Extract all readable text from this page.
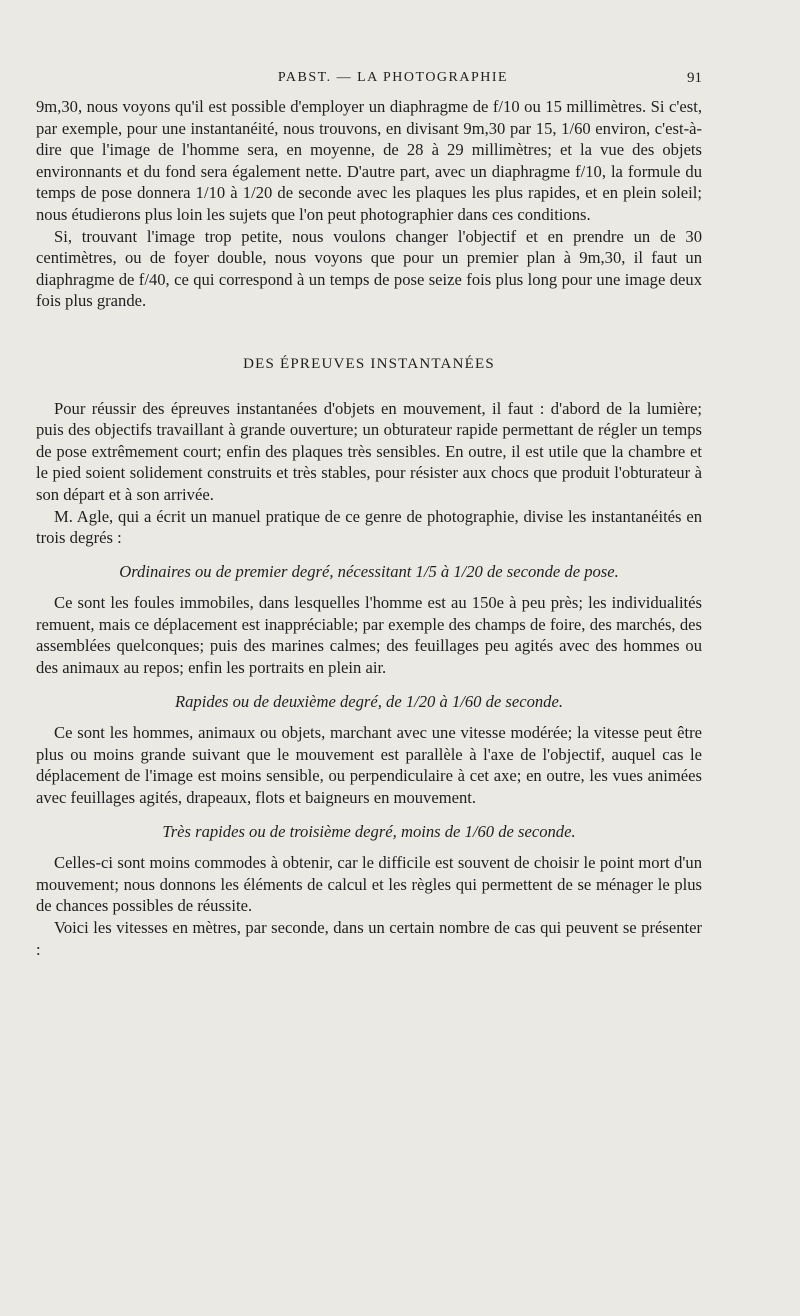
PABST. — LA PHOTOGRAPHIE	91

9m,30, nous voyons qu'il est possible d'employer un diaphragme de f/10 ou 15 millimètres. Si c'est, par exemple, pour une instantanéité, nous trouvons, en divisant 9m,30 par 15, 1/60 environ, c'est-à-dire que l'image de l'homme sera, en moyenne, de 28 à 29 millimètres; et la vue des objets environnants et du fond sera également nette. D'autre part, avec un diaphragme f/10, la formule du temps de pose donnera 1/10 à 1/20 de seconde avec les plaques les plus rapides, et en plein soleil; nous étudierons plus loin les sujets que l'on peut photographier dans ces conditions.

Si, trouvant l'image trop petite, nous voulons changer l'objectif et en prendre un de 30 centimètres, ou de foyer double, nous voyons que pour un premier plan à 9m,30, il faut un diaphragme de f/40, ce qui correspond à un temps de pose seize fois plus long pour une image deux fois plus grande.

DES ÉPREUVES INSTANTANÉES

Pour réussir des épreuves instantanées d'objets en mouvement, il faut : d'abord de la lumière; puis des objectifs travaillant à grande ouverture; un obturateur rapide permettant de régler un temps de pose extrêmement court; enfin des plaques très sensibles. En outre, il est utile que la chambre et le pied soient solidement construits et très stables, pour résister aux chocs que produit l'obturateur à son départ et à son arrivée.

M. Agle, qui a écrit un manuel pratique de ce genre de photographie, divise les instantanéités en trois degrés :

Ordinaires ou de premier degré, nécessitant 1/5 à 1/20 de seconde de pose.

Ce sont les foules immobiles, dans lesquelles l'homme est au 150e à peu près; les individualités remuent, mais ce déplacement est inappréciable; par exemple des champs de foire, des marchés, des assemblées quelconques; puis des marines calmes; des feuillages peu agités avec des hommes ou des animaux au repos; enfin les portraits en plein air.

Rapides ou de deuxième degré, de 1/20 à 1/60 de seconde.

Ce sont les hommes, animaux ou objets, marchant avec une vitesse modérée; la vitesse peut être plus ou moins grande suivant que le mouvement est parallèle à l'axe de l'objectif, auquel cas le déplacement de l'image est moins sensible, ou perpendiculaire à cet axe; en outre, les vues animées avec feuillages agités, drapeaux, flots et baigneurs en mouvement.

Très rapides ou de troisième degré, moins de 1/60 de seconde.

Celles-ci sont moins commodes à obtenir, car le difficile est souvent de choisir le point mort d'un mouvement; nous donnons les éléments de calcul et les règles qui permettent de se ménager le plus de chances possibles de réussite.

Voici les vitesses en mètres, par seconde, dans un certain nombre de cas qui peuvent se présenter :
